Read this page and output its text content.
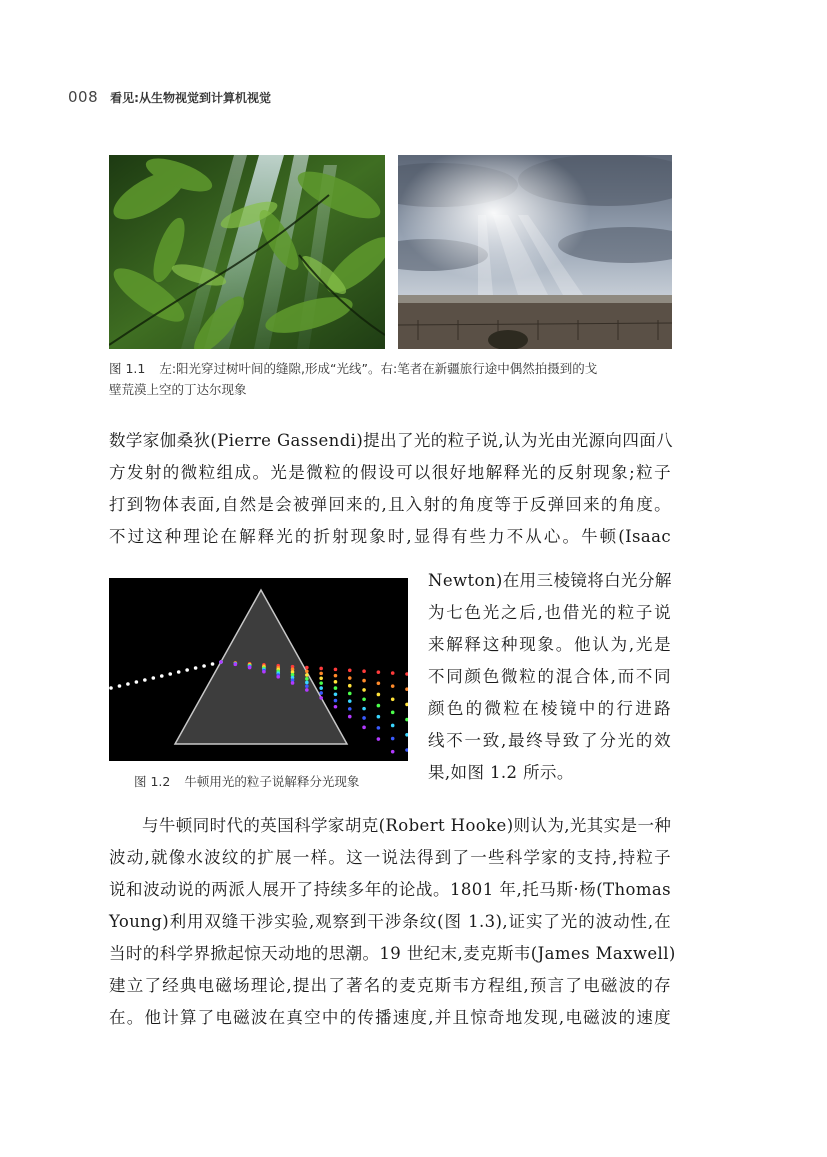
008 看见:从生物视觉到计算机视觉
图 1.1 左:阳光穿过树叶间的缝隙,形成“光线”。右:笔者在新疆旅行途中偶然拍摄到的戈
壁荒漠上空的丁达尔现象
数学家伽桑狄(Pierre Gassendi)提出了光的粒子说,认为光由光源向四面八
方发射的微粒组成。光是微粒的假设可以很好地解释光的反射现象;粒子
打到物体表面,自然是会被弹回来的,且入射的角度等于反弹回来的角度。
不过这种理论在解释光的折射现象时,显得有些力不从心。牛顿(Isaac
图 1.2 牛顿用光的粒子说解释分光现象
Newton)在用三棱镜将白光分解
为七色光之后,也借光的粒子说
来解释这种现象。他认为,光是
不同颜色微粒的混合体,而不同
颜色的微粒在棱镜中的行进路
线不一致,最终导致了分光的效
果,如图 1.2 所示。
与牛顿同时代的英国科学家胡克(Robert Hooke)则认为,光其实是一种
波动,就像水波纹的扩展一样。这一说法得到了一些科学家的支持,持粒子
说和波动说的两派人展开了持续多年的论战。1801 年,托马斯·杨(Thomas
Young)利用双缝干涉实验,观察到干涉条纹(图 1.3),证实了光的波动性,在
当时的科学界掀起惊天动地的思潮。19 世纪末,麦克斯韦(James Maxwell)
建立了经典电磁场理论,提出了著名的麦克斯韦方程组,预言了电磁波的存
在。他计算了电磁波在真空中的传播速度,并且惊奇地发现,电磁波的速度
